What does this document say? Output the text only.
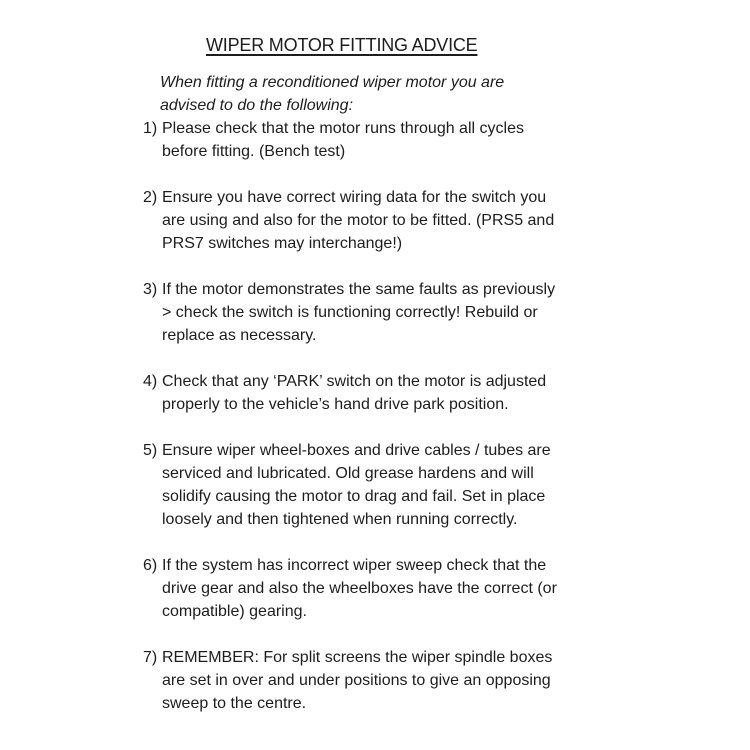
WIPER MOTOR FITTING ADVICE
When fitting a reconditioned wiper motor you are
advised to do the following:
1) Please check that the motor runs through all cycles
before fitting. (Bench test)
2) Ensure you have correct wiring data for the switch you
are using and also for the motor to be fitted. (PRS5 and
PRS7 switches may interchange!)
3) If the motor demonstrates the same faults as previously
> check the switch is functioning correctly! Rebuild or
replace as necessary.
4) Check that any ‘PARK’ switch on the motor is adjusted
properly to the vehicle’s hand drive park position.
5) Ensure wiper wheel-boxes and drive cables / tubes are
serviced and lubricated. Old grease hardens and will
solidify causing the motor to drag and fail. Set in place
loosely and then tightened when running correctly.
6) If the system has incorrect wiper sweep check that the
drive gear and also the wheelboxes have the correct (or
compatible) gearing.
7) REMEMBER: For split screens the wiper spindle boxes
are set in over and under positions to give an opposing
sweep to the centre.
